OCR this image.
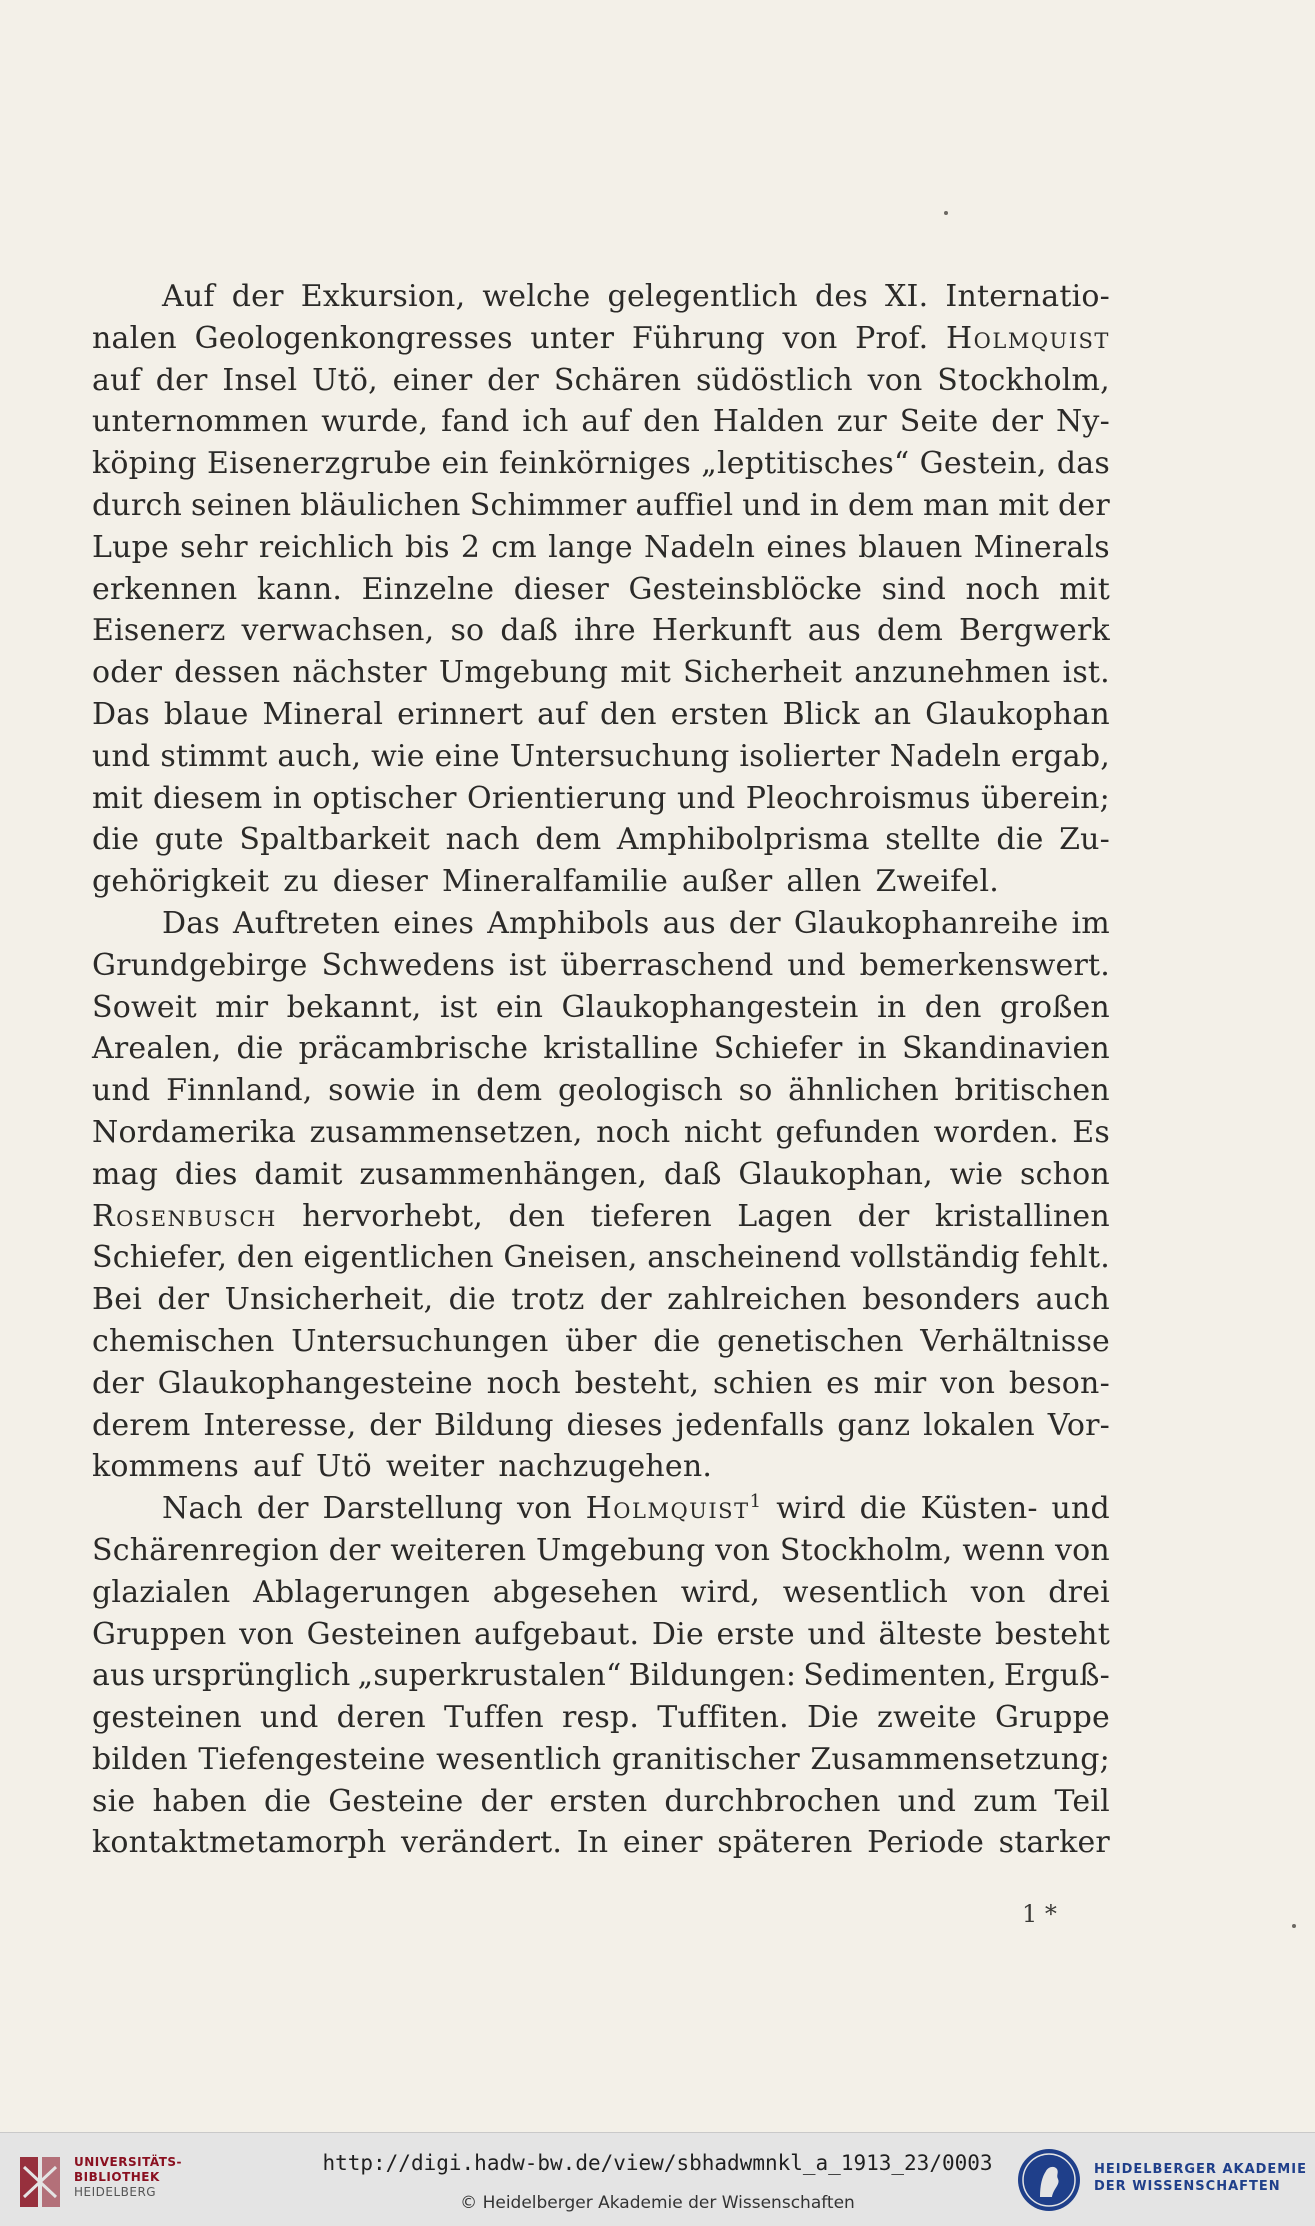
Auf der Exkursion, welche gelegentlich des XI. Internatio-
nalen Geologenkongresses unter Führung von Prof. Holmquist
auf der Insel Utö, einer der Schären südöstlich von Stockholm,
unternommen wurde, fand ich auf den Halden zur Seite der Ny-
köping Eisenerzgrube ein feinkörniges „leptitisches“ Gestein, das
durch seinen bläulichen Schimmer auffiel und in dem man mit der
Lupe sehr reichlich bis 2 cm lange Nadeln eines blauen Minerals
erkennen kann. Einzelne dieser Gesteinsblöcke sind noch mit
Eisenerz verwachsen, so daß ihre Herkunft aus dem Bergwerk
oder dessen nächster Umgebung mit Sicherheit anzunehmen ist.
Das blaue Mineral erinnert auf den ersten Blick an Glaukophan
und stimmt auch, wie eine Untersuchung isolierter Nadeln ergab,
mit diesem in optischer Orientierung und Pleochroismus überein;
die gute Spaltbarkeit nach dem Amphibolprisma stellte die Zu-
gehörigkeit zu dieser Mineralfamilie außer allen Zweifel.
Das Auftreten eines Amphibols aus der Glaukophanreihe im
Grundgebirge Schwedens ist überraschend und bemerkenswert.
Soweit mir bekannt, ist ein Glaukophangestein in den großen
Arealen, die präcambrische kristalline Schiefer in Skandinavien
und Finnland, sowie in dem geologisch so ähnlichen britischen
Nordamerika zusammensetzen, noch nicht gefunden worden. Es
mag dies damit zusammenhängen, daß Glaukophan, wie schon
Rosenbusch hervorhebt, den tieferen Lagen der kristallinen
Schiefer, den eigentlichen Gneisen, anscheinend vollständig fehlt.
Bei der Unsicherheit, die trotz der zahlreichen besonders auch
chemischen Untersuchungen über die genetischen Verhältnisse
der Glaukophangesteine noch besteht, schien es mir von beson-
derem Interesse, der Bildung dieses jedenfalls ganz lokalen Vor-
kommens auf Utö weiter nachzugehen.
Nach der Darstellung von Holmquist$^1$ wird die Küsten- und
Schärenregion der weiteren Umgebung von Stockholm, wenn von
glazialen Ablagerungen abgesehen wird, wesentlich von drei
Gruppen von Gesteinen aufgebaut. Die erste und älteste besteht
aus ursprünglich „superkrustalen“ Bildungen: Sedimenten, Erguß-
gesteinen und deren Tuffen resp. Tuffiten. Die zweite Gruppe
bilden Tiefengesteine wesentlich granitischer Zusammensetzung;
sie haben die Gesteine der ersten durchbrochen und zum Teil
kontaktmetamorph verändert. In einer späteren Periode starker
1 *
UNIVERSITÄTS-
BIBLIOTHEK
HEIDELBERG
http://digi.hadw-bw.de/view/sbhadwmnkl_a_1913_23/0003
© Heidelberger Akademie der Wissenschaften
HEIDELBERGER AKADEMIE
DER WISSENSCHAFTEN
